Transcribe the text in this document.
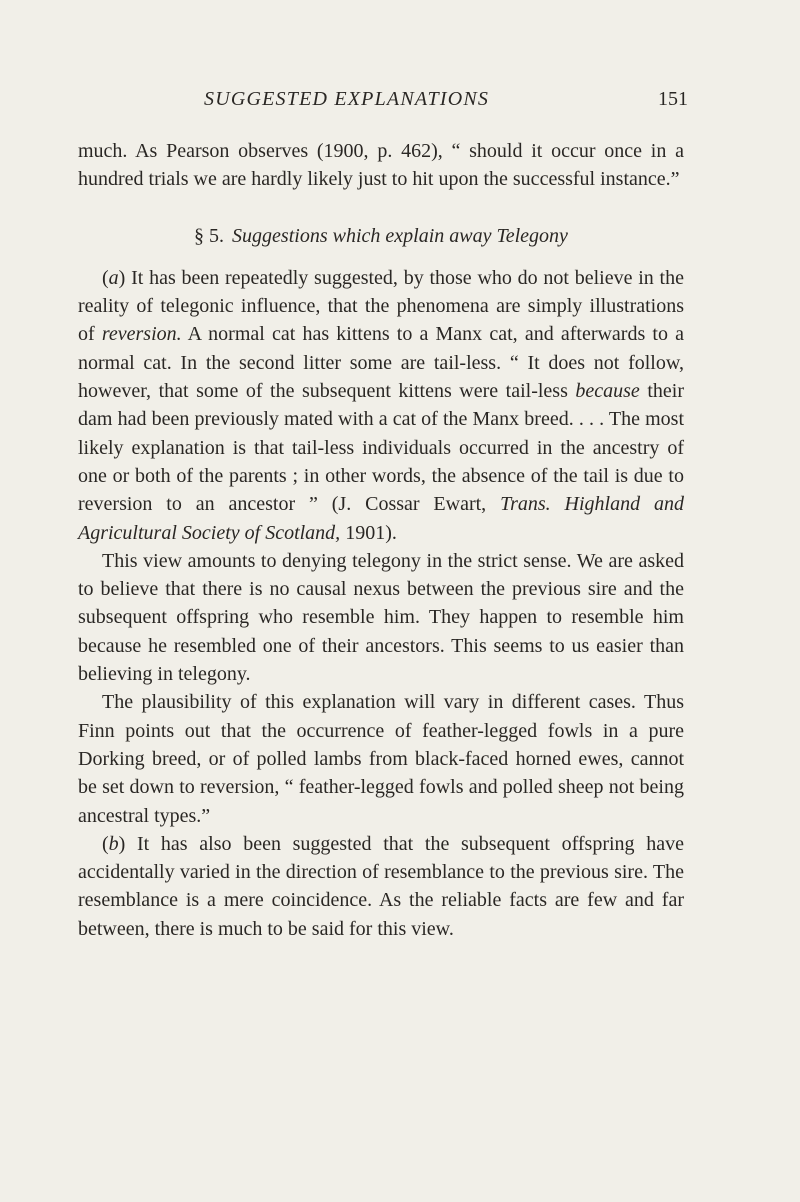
SUGGESTED EXPLANATIONS	151

much. As Pearson observes (1900, p. 462), “ should it occur once in a hundred trials we are hardly likely just to hit upon the successful instance.”

§ 5. Suggestions which explain away Telegony

(a) It has been repeatedly suggested, by those who do not believe in the reality of telegonic influence, that the phenomena are simply illustrations of reversion. A normal cat has kittens to a Manx cat, and afterwards to a normal cat. In the second litter some are tail-less. “ It does not follow, however, that some of the subsequent kittens were tail-less because their dam had been previously mated with a cat of the Manx breed. . . . The most likely explanation is that tail-less individuals occurred in the ancestry of one or both of the parents ; in other words, the absence of the tail is due to reversion to an ancestor ” (J. Cossar Ewart, Trans. Highland and Agricultural Society of Scotland, 1901).

This view amounts to denying telegony in the strict sense. We are asked to believe that there is no causal nexus between the previous sire and the subsequent offspring who resemble him. They happen to resemble him because he resembled one of their ancestors. This seems to us easier than believing in telegony.

The plausibility of this explanation will vary in different cases. Thus Finn points out that the occurrence of feather-legged fowls in a pure Dorking breed, or of polled lambs from black-faced horned ewes, cannot be set down to reversion, “ feather-legged fowls and polled sheep not being ancestral types.”

(b) It has also been suggested that the subsequent offspring have accidentally varied in the direction of resemblance to the previous sire. The resemblance is a mere coincidence. As the reliable facts are few and far between, there is much to be said for this view.
